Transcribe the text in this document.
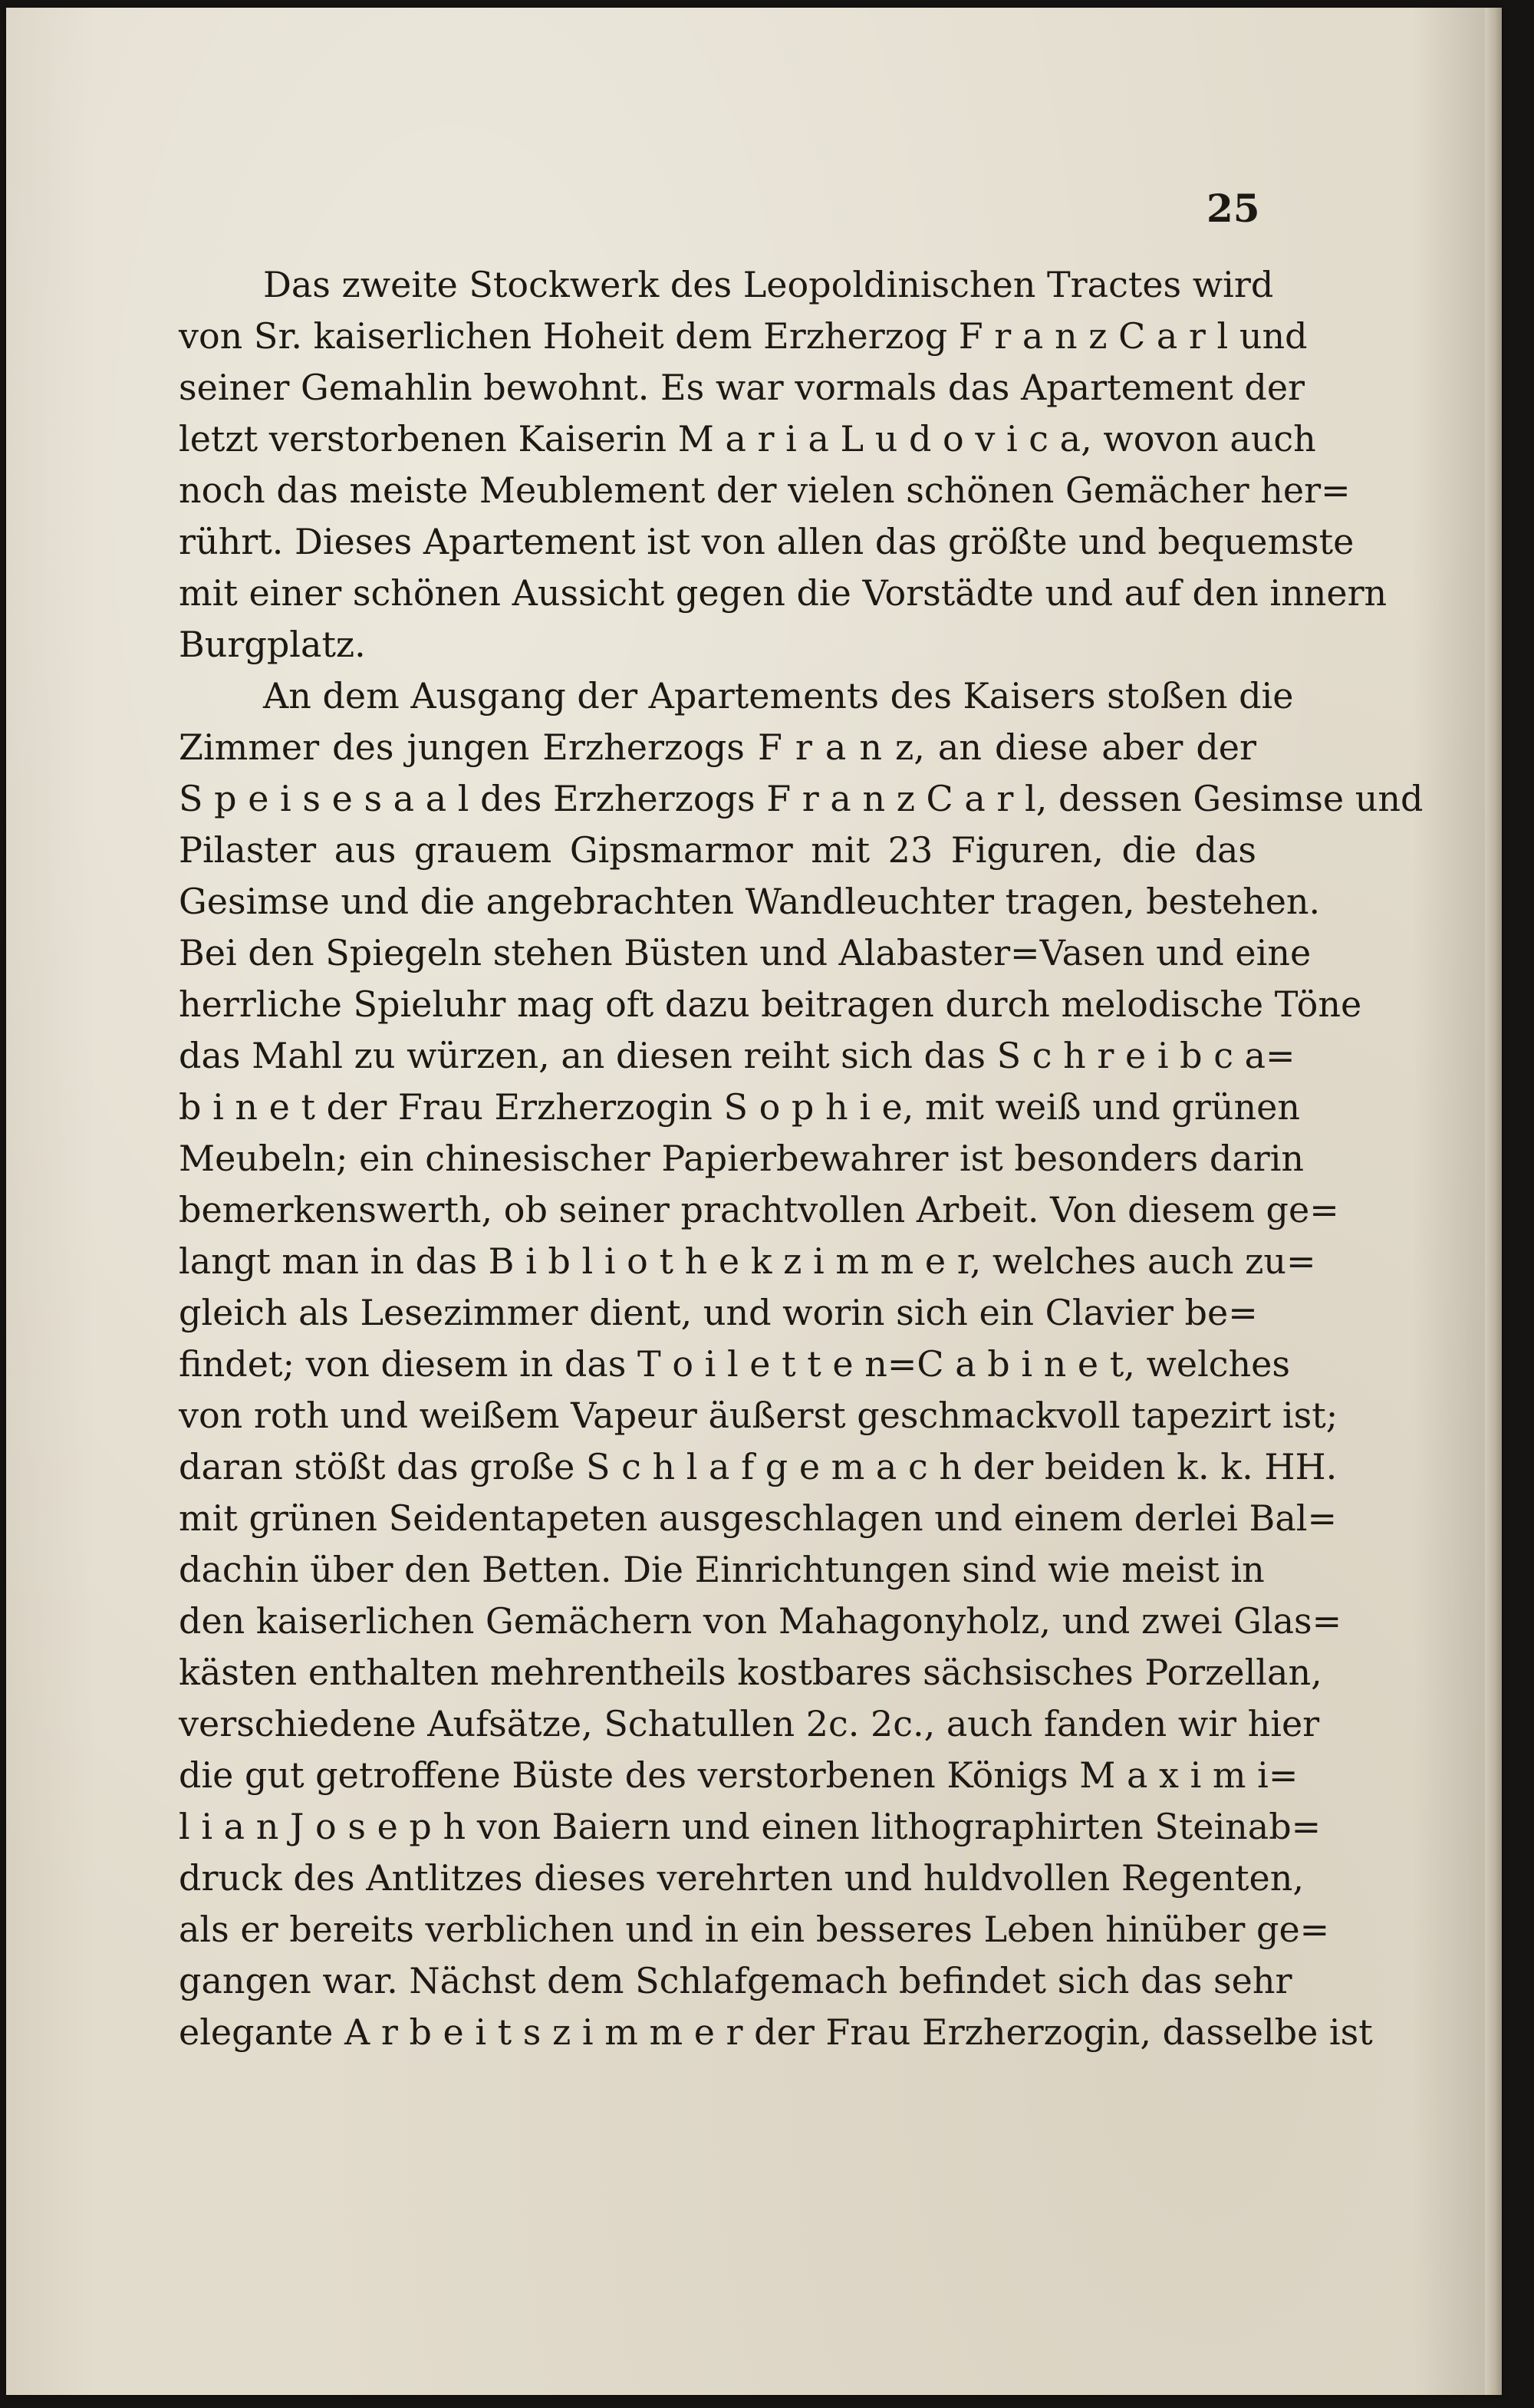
25

Das zweite Stockwerk des Leopoldinischen Tractes wird
von Sr. kaiserlichen Hoheit dem Erzherzog F r a n z C a r l und
seiner Gemahlin bewohnt. Es war vormals das Apartement der
letzt verstorbenen Kaiserin M a r i a L u d o v i c a, wovon auch
noch das meiste Meublement der vielen schönen Gemächer her=
rührt. Dieses Apartement ist von allen das größte und bequemste
mit einer schönen Aussicht gegen die Vorstädte und auf den innern
Burgplatz.
An dem Ausgang der Apartements des Kaisers stoßen die
Zimmer des jungen Erzherzogs F r a n z, an diese aber der
S p e i s e s a a l des Erzherzogs F r a n z C a r l, dessen Gesimse und
Pilaster aus grauem Gipsmarmor mit 23 Figuren, die das
Gesimse und die angebrachten Wandleuchter tragen, bestehen.
Bei den Spiegeln stehen Büsten und Alabaster=Vasen und eine
herrliche Spieluhr mag oft dazu beitragen durch melodische Töne
das Mahl zu würzen, an diesen reiht sich das S c h r e i b c a=
b i n e t der Frau Erzherzogin S o p h i e, mit weiß und grünen
Meubeln; ein chinesischer Papierbewahrer ist besonders darin
bemerkenswerth, ob seiner prachtvollen Arbeit. Von diesem ge=
langt man in das B i b l i o t h e k z i m m e r, welches auch zu=
gleich als Lesezimmer dient, und worin sich ein Clavier be=
findet; von diesem in das T o i l e t t e n=C a b i n e t, welches
von roth und weißem Vapeur äußerst geschmackvoll tapezirt ist;
daran stößt das große S c h l a f g e m a c h der beiden k. k. HH.
mit grünen Seidentapeten ausgeschlagen und einem derlei Bal=
dachin über den Betten. Die Einrichtungen sind wie meist in
den kaiserlichen Gemächern von Mahagonyholz, und zwei Glas=
kästen enthalten mehrentheils kostbares sächsisches Porzellan,
verschiedene Aufsätze, Schatullen 2c. 2c., auch fanden wir hier
die gut getroffene Büste des verstorbenen Königs M a x i m i=
l i a n J o s e p h von Baiern und einen lithographirten Steinab=
druck des Antlitzes dieses verehrten und huldvollen Regenten,
als er bereits verblichen und in ein besseres Leben hinüber ge=
gangen war. Nächst dem Schlafgemach befindet sich das sehr
elegante A r b e i t s z i m m e r der Frau Erzherzogin, dasselbe ist
